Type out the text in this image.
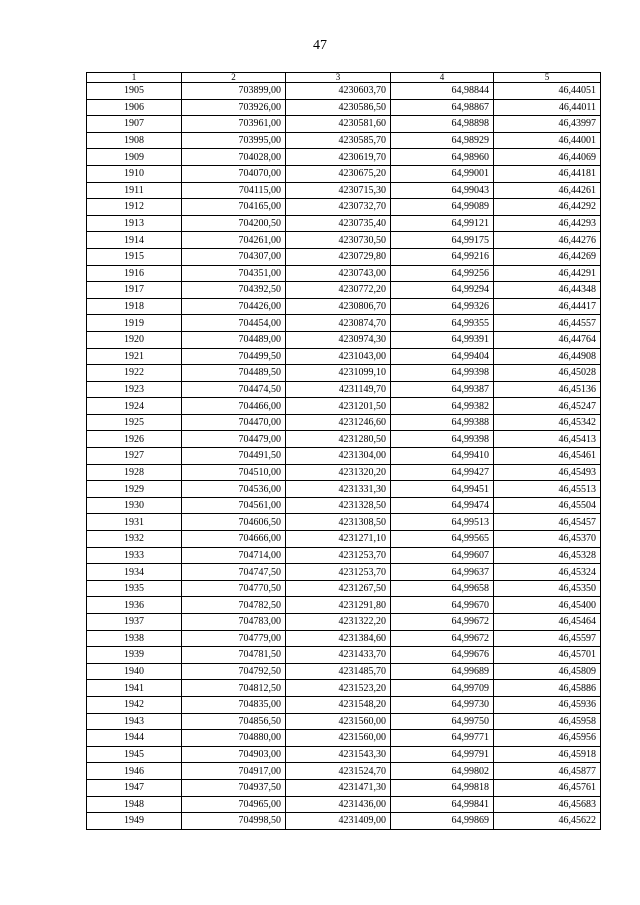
47
1	2	3	4	5
1905	703899,00	4230603,70	64,98844	46,44051
1906	703926,00	4230586,50	64,98867	46,44011
1907	703961,00	4230581,60	64,98898	46,43997
1908	703995,00	4230585,70	64,98929	46,44001
1909	704028,00	4230619,70	64,98960	46,44069
1910	704070,00	4230675,20	64,99001	46,44181
1911	704115,00	4230715,30	64,99043	46,44261
1912	704165,00	4230732,70	64,99089	46,44292
1913	704200,50	4230735,40	64,99121	46,44293
1914	704261,00	4230730,50	64,99175	46,44276
1915	704307,00	4230729,80	64,99216	46,44269
1916	704351,00	4230743,00	64,99256	46,44291
1917	704392,50	4230772,20	64,99294	46,44348
1918	704426,00	4230806,70	64,99326	46,44417
1919	704454,00	4230874,70	64,99355	46,44557
1920	704489,00	4230974,30	64,99391	46,44764
1921	704499,50	4231043,00	64,99404	46,44908
1922	704489,50	4231099,10	64,99398	46,45028
1923	704474,50	4231149,70	64,99387	46,45136
1924	704466,00	4231201,50	64,99382	46,45247
1925	704470,00	4231246,60	64,99388	46,45342
1926	704479,00	4231280,50	64,99398	46,45413
1927	704491,50	4231304,00	64,99410	46,45461
1928	704510,00	4231320,20	64,99427	46,45493
1929	704536,00	4231331,30	64,99451	46,45513
1930	704561,00	4231328,50	64,99474	46,45504
1931	704606,50	4231308,50	64,99513	46,45457
1932	704666,00	4231271,10	64,99565	46,45370
1933	704714,00	4231253,70	64,99607	46,45328
1934	704747,50	4231253,70	64,99637	46,45324
1935	704770,50	4231267,50	64,99658	46,45350
1936	704782,50	4231291,80	64,99670	46,45400
1937	704783,00	4231322,20	64,99672	46,45464
1938	704779,00	4231384,60	64,99672	46,45597
1939	704781,50	4231433,70	64,99676	46,45701
1940	704792,50	4231485,70	64,99689	46,45809
1941	704812,50	4231523,20	64,99709	46,45886
1942	704835,00	4231548,20	64,99730	46,45936
1943	704856,50	4231560,00	64,99750	46,45958
1944	704880,00	4231560,00	64,99771	46,45956
1945	704903,00	4231543,30	64,99791	46,45918
1946	704917,00	4231524,70	64,99802	46,45877
1947	704937,50	4231471,30	64,99818	46,45761
1948	704965,00	4231436,00	64,99841	46,45683
1949	704998,50	4231409,00	64,99869	46,45622
